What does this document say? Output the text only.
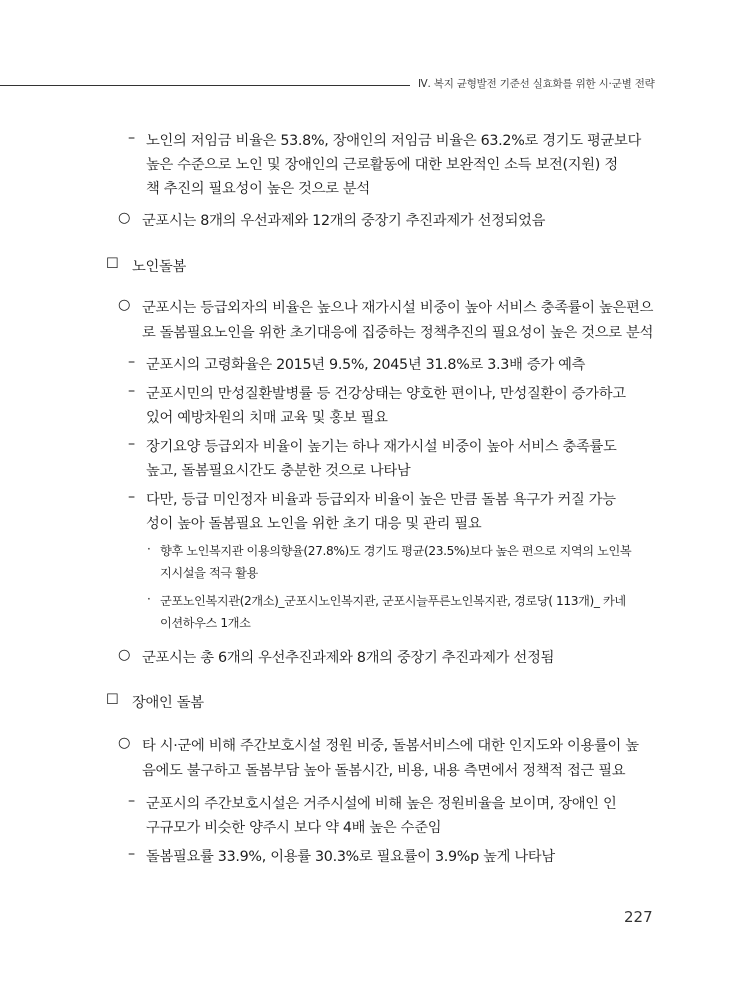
Ⅳ. 복지 균형발전 기준선 실효화를 위한 시·군별 전략
– 노인의 저임금 비율은 53.8%, 장애인의 저임금 비율은 63.2%로 경기도 평균보다
높은 수준으로 노인 및 장애인의 근로활동에 대한 보완적인 소득 보전(지원) 정
책 추진의 필요성이 높은 것으로 분석
○ 군포시는 8개의 우선과제와 12개의 중장기 추진과제가 선정되었음
☐ 노인돌봄
○ 군포시는 등급외자의 비율은 높으나 재가시설 비중이 높아 서비스 충족률이 높은편으
로 돌봄필요노인을 위한 초기대응에 집중하는 정책추진의 필요성이 높은 것으로 분석
– 군포시의 고령화율은 2015년 9.5%, 2045년 31.8%로 3.3배 증가 예측
– 군포시민의 만성질환발병률 등 건강상태는 양호한 편이나, 만성질환이 증가하고
있어 예방차원의 치매 교육 및 홍보 필요
– 장기요양 등급외자 비율이 높기는 하나 재가시설 비중이 높아 서비스 충족률도
높고, 돌봄필요시간도 충분한 것으로 나타남
– 다만, 등급 미인정자 비율과 등급외자 비율이 높은 만큼 돌봄 욕구가 커질 가능
성이 높아 돌봄필요 노인을 위한 초기 대응 및 관리 필요
· 향후 노인복지관 이용의향율(27.8%)도 경기도 평균(23.5%)보다 높은 편으로 지역의 노인복
지시설을 적극 활용
· 군포노인복지관(2개소)_군포시노인복지관, 군포시늘푸른노인복지관, 경로당( 113개)_ 카네
이션하우스 1개소
○ 군포시는 총 6개의 우선추진과제와 8개의 중장기 추진과제가 선정됨
☐ 장애인 돌봄
○ 타 시·군에 비해 주간보호시설 정원 비중, 돌봄서비스에 대한 인지도와 이용률이 높
음에도 불구하고 돌봄부담 높아 돌봄시간, 비용, 내용 측면에서 정책적 접근 필요
– 군포시의 주간보호시설은 거주시설에 비해 높은 정원비율을 보이며, 장애인 인
구규모가 비슷한 양주시 보다 약 4배 높은 수준임
– 돌봄필요률 33.9%, 이용률 30.3%로 필요률이 3.9%p 높게 나타남
227
